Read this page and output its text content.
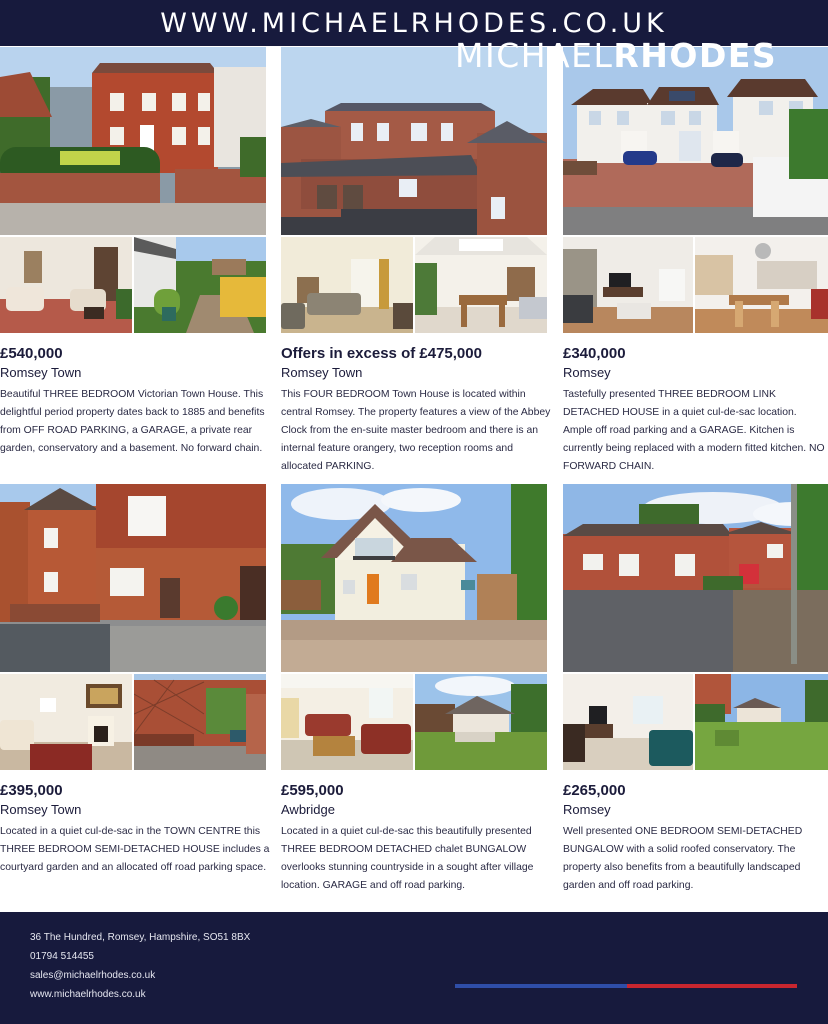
WWW.MICHAELRHODES.CO.UK
£540,000
Romsey Town
Beautiful THREE BEDROOM Victorian Town House. This delightful period property dates back to 1885 and benefits from OFF ROAD PARKING, a GARAGE, a private rear garden, conservatory and a basement. No forward chain.
Offers in excess of £475,000
Romsey Town
This FOUR BEDROOM Town House is located within central Romsey. The property features a view of the Abbey Clock from the en-suite master bedroom and there is an internal feature orangery, two reception rooms and allocated PARKING.
£340,000
Romsey
Tastefully presented THREE BEDROOM LINK DETACHED HOUSE in a quiet cul-de-sac location. Ample off road parking and a GARAGE. Kitchen is currently being replaced with a modern fitted kitchen. NO FORWARD CHAIN.
£395,000
Romsey Town
Located in a quiet cul-de-sac in the TOWN CENTRE this THREE BEDROOM SEMI-DETACHED HOUSE includes a courtyard garden and an allocated off road parking space.
£595,000
Awbridge
Located in a quiet cul-de-sac this beautifully presented THREE BEDROOM DETACHED chalet BUNGALOW overlooks stunning countryside in a sought after village location. GARAGE and off road parking.
£265,000
Romsey
Well presented ONE BEDROOM SEMI-DETACHED BUNGALOW with a solid roofed conservatory. The property also benefits from a beautifully landscaped garden and off road parking.
36 The Hundred, Romsey, Hampshire, SO51 8BX
01794 514455
sales@michaelrhodes.co.uk
www.michaelrhodes.co.uk
MICHAELRHODES
